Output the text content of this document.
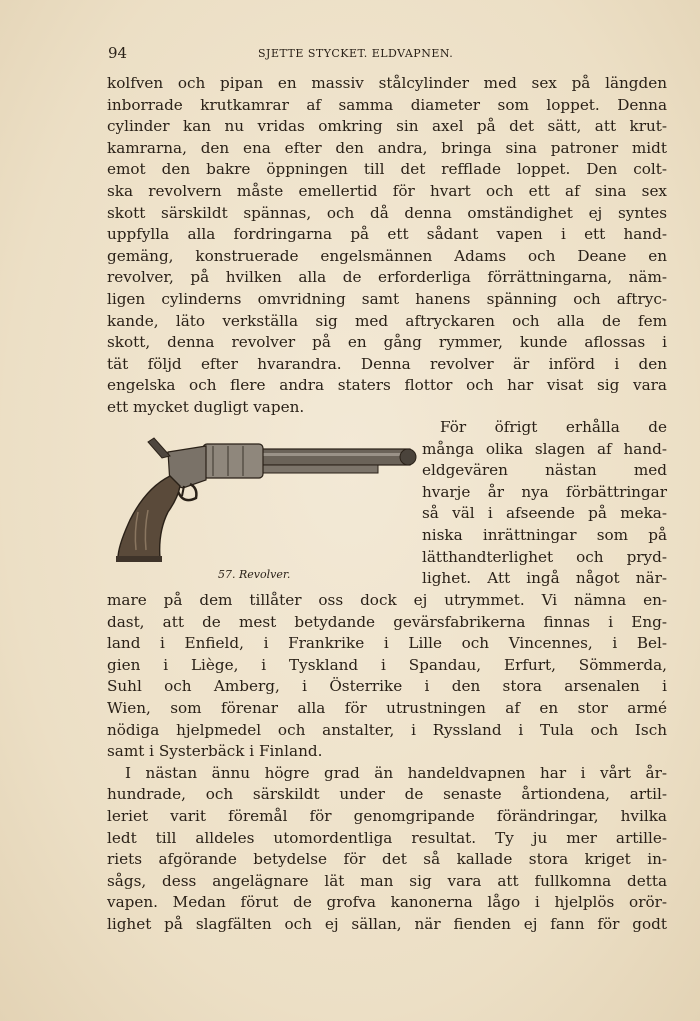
94	SJETTE STYCKET. ELDVAPNEN.
kolfven och pipan en massiv stålcylinder med sex på längden
inborrade krutkamrar af samma diameter som loppet. Denna
cylinder kan nu vridas omkring sin axel på det sätt, att krut-
kamrarna, den ena efter den andra, bringa sina patroner midt
emot den bakre öppningen till det refflade loppet. Den colt-
ska revolvern måste emellertid för hvart och ett af sina sex
skott särskildt spännas, och då denna omständighet ej syntes
uppfylla alla fordringarna på ett sådant vapen i ett hand-
gemäng, konstruerade engelsmännen Adams och Deane en
revolver, på hvilken alla de erforderliga förrättningarna, näm-
ligen cylinderns omvridning samt hanens spänning och aftryc-
kande, läto verkställa sig med aftryckaren och alla de fem
skott, denna revolver på en gång rymmer, kunde aflossas i
tät följd efter hvarandra. Denna revolver är införd i den
engelska och flere andra staters flottor och har visat sig vara
ett mycket dugligt vapen.
57. Revolver.
För öfrigt erhålla de
många olika slagen af hand-
eldgevären nästan med
hvarje år nya förbättringar
så väl i afseende på meka-
niska inrättningar som på
lätthandterlighet och pryd-
lighet. Att ingå något när-
mare på dem tillåter oss dock ej utrymmet. Vi nämna en-
dast, att de mest betydande gevärsfabrikerna finnas i Eng-
land i Enfield, i Frankrike i Lille och Vincennes, i Bel-
gien i Liège, i Tyskland i Spandau, Erfurt, Sömmerda,
Suhl och Amberg, i Österrike i den stora arsenalen i
Wien, som förenar alla för utrustningen af en stor armé
nödiga hjelpmedel och anstalter, i Ryssland i Tula och Isch
samt i Systerbäck i Finland.
I nästan ännu högre grad än handeldvapnen har i vårt år-
hundrade, och särskildt under de senaste årtiondena, artil-
leriet varit föremål för genomgripande förändringar, hvilka
ledt till alldeles utomordentliga resultat. Ty ju mer artille-
riets afgörande betydelse för det så kallade stora kriget in-
sågs, dess angelägnare lät man sig vara att fullkomna detta
vapen. Medan förut de grofva kanonerna lågo i hjelplös orör-
lighet på slagfälten och ej sällan, när fienden ej fann för godt
